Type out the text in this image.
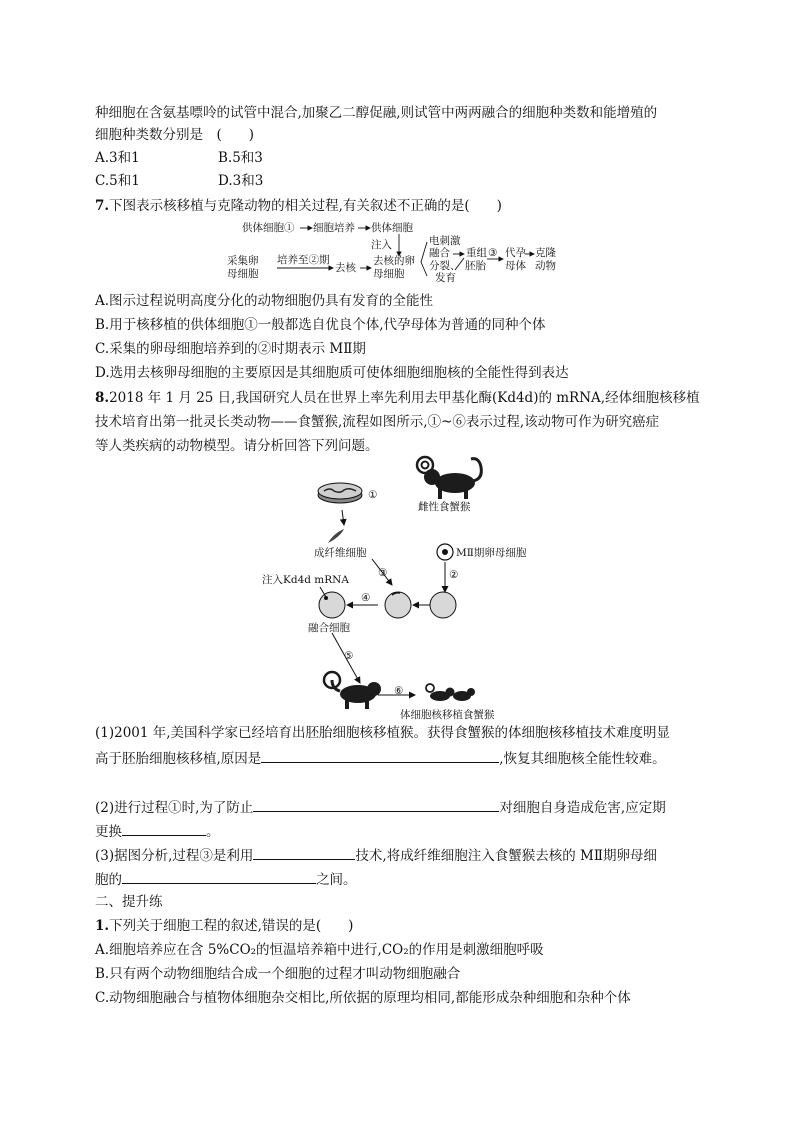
种细胞在含氨基嘌呤的试管中混合,加聚乙二醇促融,则试管中两两融合的细胞种类数和能增殖的
细胞种类数分别是　(　　)
A.3和1	B.5和3
C.5和1	D.3和3
7.下图表示核移植与克隆动物的相关过程,有关叙述不正确的是(　　)
供体细胞① 细胞培养 供体细胞
注入
采集卵
母细胞
培养至②期
去核
去核的卵
母细胞
电刺激
融合
分裂、
发育
重组
胚胎
③ 代孕
母体
克隆
动物
A.图示过程说明高度分化的动物细胞仍具有发育的全能性
B.用于核移植的供体细胞①一般都选自优良个体,代孕母体为普通的同种个体
C.采集的卵母细胞培养到的②时期表示 MⅡ期
D.选用去核卵母细胞的主要原因是其细胞质可使体细胞细胞核的全能性得到表达
8.2018 年 1 月 25 日,我国研究人员在世界上率先利用去甲基化酶(Kd4d)的 mRNA,经体细胞核移植
技术培育出第一批灵长类动物——食蟹猴,流程如图所示,①~⑥表示过程,该动物可作为研究癌症
等人类疾病的动物模型。请分析回答下列问题。
①
雌性食蟹猴
成纤维细胞	MⅡ期卵母细胞
②
③
④
注入Kd4d mRNA
融合细胞
⑤
⑥
体细胞核移植食蟹猴
(1)2001 年,美国科学家已经培育出胚胎细胞核移植猴。获得食蟹猴的体细胞核移植技术难度明显
高于胚胎细胞核移植,原因是	,恢复其细胞核全能性较难。
(2)进行过程①时,为了防止	对细胞自身造成危害,应定期
更换	。
(3)据图分析,过程③是利用	技术,将成纤维细胞注入食蟹猴去核的 MⅡ期卵母细
胞的	之间。
二、提升练
1.下列关于细胞工程的叙述,错误的是(　　)
A.细胞培养应在含 5%CO₂的恒温培养箱中进行,CO₂的作用是刺激细胞呼吸
B.只有两个动物细胞结合成一个细胞的过程才叫动物细胞融合
C.动物细胞融合与植物体细胞杂交相比,所依据的原理均相同,都能形成杂种细胞和杂种个体
